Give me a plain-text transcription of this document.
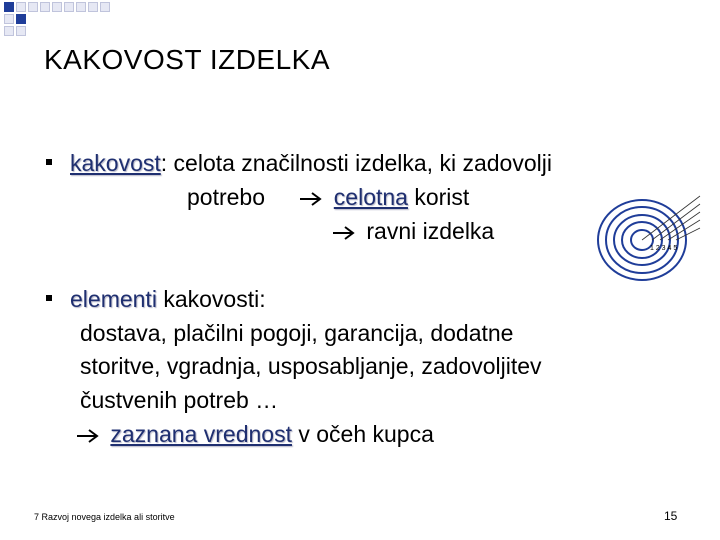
KAKOVOST IZDELKA
kakovost: celota značilnosti izdelka, ki zadovolji
potrebo	celotna korist
ravni izdelka
1 2 3 4 5
elementi kakovosti:
dostava, plačilni pogoji, garancija, dodatne
storitve, vgradnja, usposabljanje, zadovoljitev
čustvenih potreb …
zaznana vrednost v očeh kupca
7 Razvoj novega izdelka ali storitve	15
